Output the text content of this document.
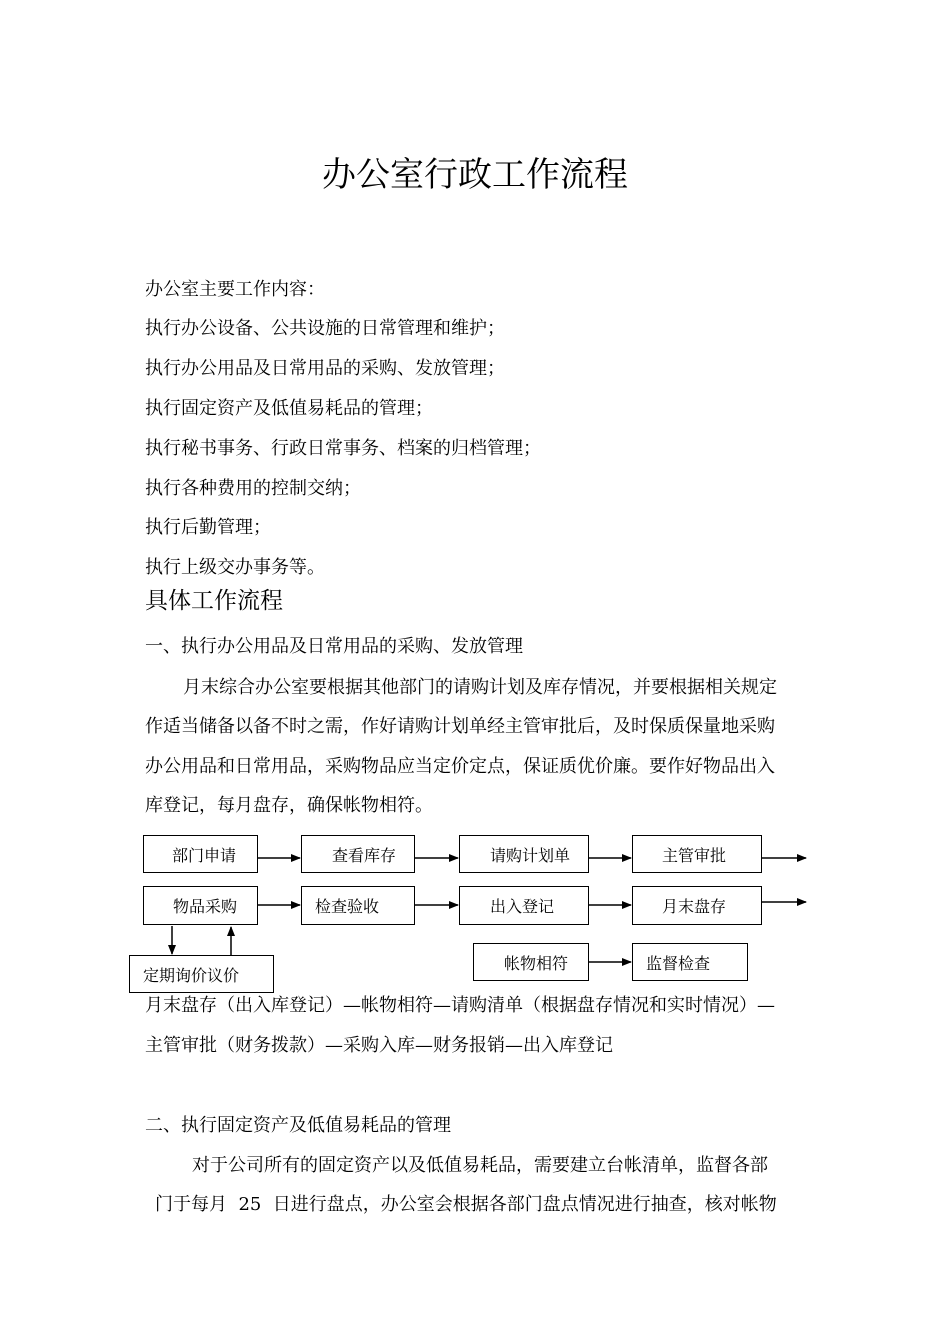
办公室行政工作流程
办公室主要工作内容：
执行办公设备、公共设施的日常管理和维护；
执行办公用品及日常用品的采购、发放管理；
执行固定资产及低值易耗品的管理；
执行秘书事务、行政日常事务、档案的归档管理；
执行各种费用的控制交纳；
执行后勤管理；
执行上级交办事务等。
具体工作流程
一、执行办公用品及日常用品的采购、发放管理
月末综合办公室要根据其他部门的请购计划及库存情况，并要根据相关规定
作适当储备以备不时之需，作好请购计划单经主管审批后，及时保质保量地采购
办公用品和日常用品，采购物品应当定价定点，保证质优价廉。要作好物品出入
库登记，每月盘存，确保帐物相符。
部门申请	查看库存	请购计划单	主管审批
物品采购	检查验收	出入登记	月末盘存
定期询价议价
帐物相符	监督检查
月末盘存（出入库登记）—帐物相符—请购清单（根据盘存情况和实时情况）—
主管审批（财务拨款）—采购入库—财务报销—出入库登记
二、执行固定资产及低值易耗品的管理
对于公司所有的固定资产以及低值易耗品，需要建立台帐清单，监督各部
门于每月  25  日进行盘点，办公室会根据各部门盘点情况进行抽查，核对帐物
